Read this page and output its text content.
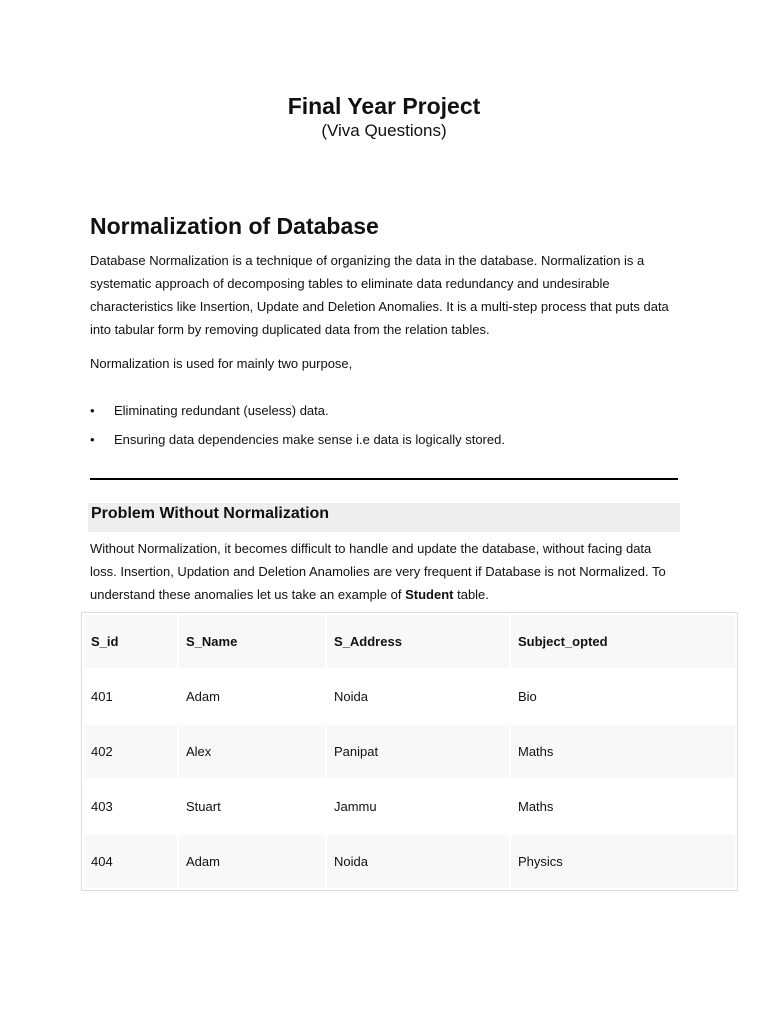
Final Year Project
(Viva Questions)
Normalization of Database

Database Normalization is a technique of organizing the data in the database. Normalization is a systematic approach of decomposing tables to eliminate data redundancy and undesirable characteristics like Insertion, Update and Deletion Anomalies. It is a multi-step process that puts data into tabular form by removing duplicated data from the relation tables.

Normalization is used for mainly two purpose,

• Eliminating redundant (useless) data.
• Ensuring data dependencies make sense i.e data is logically stored.
Problem Without Normalization

Without Normalization, it becomes difficult to handle and update the database, without facing data loss. Insertion, Updation and Deletion Anamolies are very frequent if Database is not Normalized. To understand these anomalies let us take an example of Student table.

S_id	S_Name	S_Address	Subject_opted
401	Adam	Noida	Bio
402	Alex	Panipat	Maths
403	Stuart	Jammu	Maths
404	Adam	Noida	Physics
